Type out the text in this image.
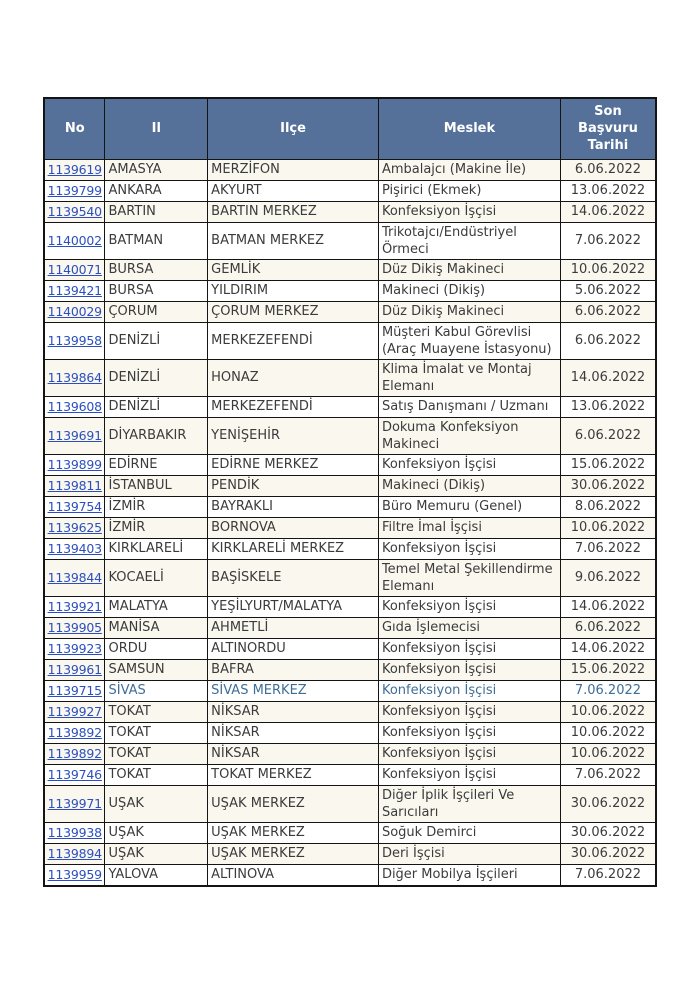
No	Il	Ilçe	Meslek	Son Başvuru Tarihi
1139619	AMASYA	MERZİFON	Ambalajcı (Makine İle)	6.06.2022
1139799	ANKARA	AKYURT	Pişirici (Ekmek)	13.06.2022
1139540	BARTIN	BARTIN MERKEZ	Konfeksiyon İşçisi	14.06.2022
1140002	BATMAN	BATMAN MERKEZ	Trikotajcı/Endüstriyel Örmeci	7.06.2022
1140071	BURSA	GEMLİK	Düz Dikiş Makineci	10.06.2022
1139421	BURSA	YILDIRIM	Makineci (Dikiş)	5.06.2022
1140029	ÇORUM	ÇORUM MERKEZ	Düz Dikiş Makineci	6.06.2022
1139958	DENİZLİ	MERKEZEFENDİ	Müşteri Kabul Görevlisi (Araç Muayene İstasyonu)	6.06.2022
1139864	DENİZLİ	HONAZ	Klima İmalat ve Montaj Elemanı	14.06.2022
1139608	DENİZLİ	MERKEZEFENDİ	Satış Danışmanı / Uzmanı	13.06.2022
1139691	DİYARBAKIR	YENİŞEHİR	Dokuma Konfeksiyon Makineci	6.06.2022
1139899	EDİRNE	EDİRNE MERKEZ	Konfeksiyon İşçisi	15.06.2022
1139811	İSTANBUL	PENDİK	Makineci (Dikiş)	30.06.2022
1139754	İZMİR	BAYRAKLI	Büro Memuru (Genel)	8.06.2022
1139625	İZMİR	BORNOVA	Filtre İmal İşçisi	10.06.2022
1139403	KIRKLARELİ	KIRKLARELİ MERKEZ	Konfeksiyon İşçisi	7.06.2022
1139844	KOCAELİ	BAŞİSKELE	Temel Metal Şekillendirme Elemanı	9.06.2022
1139921	MALATYA	YEŞİLYURT/MALATYA	Konfeksiyon İşçisi	14.06.2022
1139905	MANİSA	AHMETLİ	Gıda İşlemecisi	6.06.2022
1139923	ORDU	ALTINORDU	Konfeksiyon İşçisi	14.06.2022
1139961	SAMSUN	BAFRA	Konfeksiyon İşçisi	15.06.2022
1139715	SİVAS	SİVAS MERKEZ	Konfeksiyon İşçisi	7.06.2022
1139927	TOKAT	NİKSAR	Konfeksiyon İşçisi	10.06.2022
1139892	TOKAT	NİKSAR	Konfeksiyon İşçisi	10.06.2022
1139892	TOKAT	NİKSAR	Konfeksiyon İşçisi	10.06.2022
1139746	TOKAT	TOKAT MERKEZ	Konfeksiyon İşçisi	7.06.2022
1139971	UŞAK	UŞAK MERKEZ	Diğer İplik İşçileri Ve Sarıcıları	30.06.2022
1139938	UŞAK	UŞAK MERKEZ	Soğuk Demirci	30.06.2022
1139894	UŞAK	UŞAK MERKEZ	Deri İşçisi	30.06.2022
1139959	YALOVA	ALTINOVA	Diğer Mobilya İşçileri	7.06.2022
